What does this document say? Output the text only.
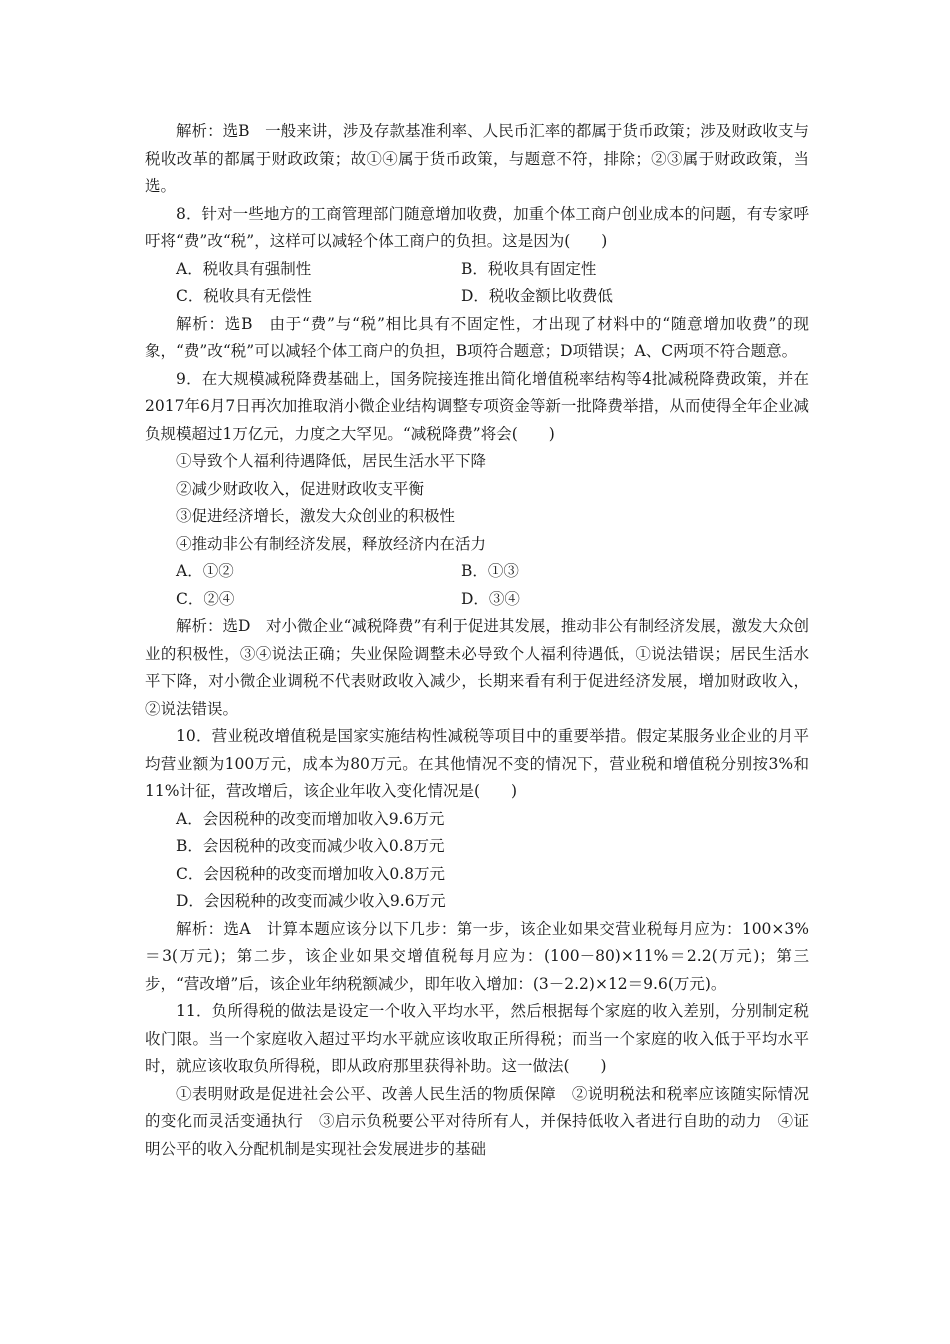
解析：选B　一般来讲，涉及存款基准利率、人民币汇率的都属于货币政策；涉及财政收支与税收改革的都属于财政政策；故①④属于货币政策，与题意不符，排除；②③属于财政政策，当选。

8．针对一些地方的工商管理部门随意增加收费，加重个体工商户创业成本的问题，有专家呼吁将“费”改“税”，这样可以减轻个体工商户的负担。这是因为(　　)

A．税收具有强制性	B．税收具有固定性
C．税收具有无偿性	D．税收金额比收费低

解析：选B　由于“费”与“税”相比具有不固定性，才出现了材料中的“随意增加收费”的现象，“费”改“税”可以减轻个体工商户的负担，B项符合题意；D项错误；A、C两项不符合题意。

9．在大规模减税降费基础上，国务院接连推出简化增值税率结构等4批减税降费政策，并在2017年6月7日再次加推取消小微企业结构调整专项资金等新一批降费举措，从而使得全年企业减负规模超过1万亿元，力度之大罕见。“减税降费”将会(　　)

①导致个人福利待遇降低，居民生活水平下降
②减少财政收入，促进财政收支平衡
③促进经济增长，激发大众创业的积极性
④推动非公有制经济发展，释放经济内在活力
A．①②	B．①③
C．②④	D．③④

解析：选D　对小微企业“减税降费”有利于促进其发展，推动非公有制经济发展，激发大众创业的积极性，③④说法正确；失业保险调整未必导致个人福利待遇低，①说法错误；居民生活水平下降，对小微企业调税不代表财政收入减少，长期来看有利于促进经济发展，增加财政收入，②说法错误。

10．营业税改增值税是国家实施结构性减税等项目中的重要举措。假定某服务业企业的月平均营业额为100万元，成本为80万元。在其他情况不变的情况下，营业税和增值税分别按3%和11%计征，营改增后，该企业年收入变化情况是(　　)

A．会因税种的改变而增加收入9.6万元
B．会因税种的改变而减少收入0.8万元
C．会因税种的改变而增加收入0.8万元
D．会因税种的改变而减少收入9.6万元

解析：选A　计算本题应该分以下几步：第一步，该企业如果交营业税每月应为：100×3%＝3(万元)；第二步，该企业如果交增值税每月应为：(100－80)×11%＝2.2(万元)；第三步，“营改增”后，该企业年纳税额减少，即年收入增加：(3－2.2)×12＝9.6(万元)。

11．负所得税的做法是设定一个收入平均水平，然后根据每个家庭的收入差别，分别制定税收门限。当一个家庭收入超过平均水平就应该收取正所得税；而当一个家庭的收入低于平均水平时，就应该收取负所得税，即从政府那里获得补助。这一做法(　　)

①表明财政是促进社会公平、改善人民生活的物质保障　②说明税法和税率应该随实际情况的变化而灵活变通执行　③启示负税要公平对待所有人，并保持低收入者进行自助的动力　④证明公平的收入分配机制是实现社会发展进步的基础
